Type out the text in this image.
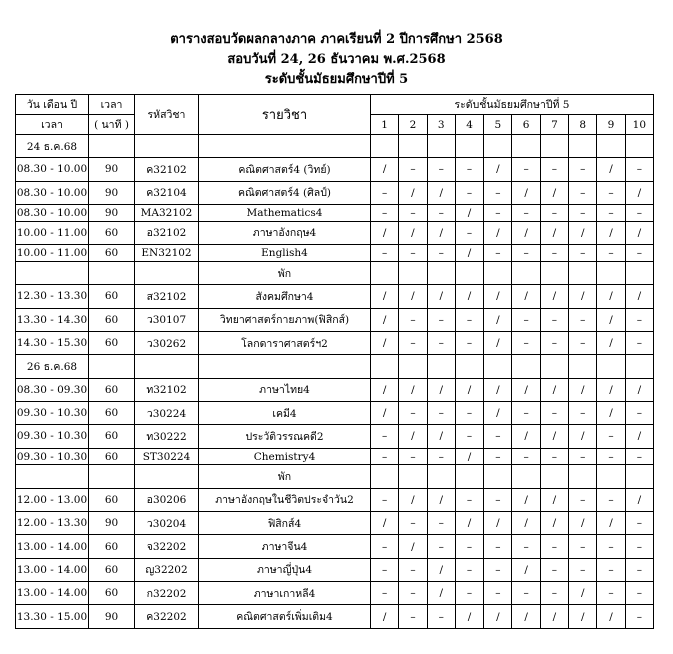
ตารางสอบวัดผลกลางภาค ภาคเรียนที่ 2 ปีการศึกษา 2568
สอบวันที่ 24, 26 ธันวาคม พ.ศ.2568
ระดับชั้นมัธยมศึกษาปีที่ 5
วัน เดือน ปี	เวลา	รหัสวิชา	รายวิชา	ระดับชั้นมัธยมศึกษาปีที่ 5									
เวลา	( นาที )			1	2	3	4	5	6	7	8	9	10
24 ธ.ค.68													
08.30 - 10.00	90	ค32102	คณิตศาสตร์4 (วิทย์)	/	–	–	–	/	–	–	–	/	–
08.30 - 10.00	90	ค32104	คณิตศาสตร์4 (ศิลป์)	–	/	/	–	–	/	/	–	–	/
08.30 - 10.00	90	MA32102	Mathematics4	–	–	–	/	–	–	–	–	–	–
10.00 - 11.00	60	อ32102	ภาษาอังกฤษ4	/	/	/	–	/	/	/	/	/	/
10.00 - 11.00	60	EN32102	English4	–	–	–	/	–	–	–	–	–	–
			พัก										
12.30 - 13.30	60	ส32102	สังคมศึกษา4	/	/	/	/	/	/	/	/	/	/
13.30 - 14.30	60	ว30107	วิทยาศาสตร์กายภาพ(ฟิสิกส์)	/	–	–	–	/	–	–	–	/	–
14.30 - 15.30	60	ว30262	โลกดาราศาสตร์ฯ2	/	–	–	–	/	–	–	–	/	–
26 ธ.ค.68													
08.30 - 09.30	60	ท32102	ภาษาไทย4	/	/	/	/	/	/	/	/	/	/
09.30 - 10.30	60	ว30224	เคมี4	/	–	–	–	/	–	–	–	/	–
09.30 - 10.30	60	ท30222	ประวัติวรรณคดี2	–	/	/	–	–	/	/	/	–	/
09.30 - 10.30	60	ST30224	Chemistry4	–	–	–	/	–	–	–	–	–	–
			พัก										
12.00 - 13.00	60	อ30206	ภาษาอังกฤษในชีวิตประจำวัน2	–	/	/	–	–	/	/	–	–	/
12.00 - 13.30	90	ว30204	ฟิสิกส์4	/	–	–	/	/	/	/	/	/	–
13.00 - 14.00	60	จ32202	ภาษาจีน4	–	/	–	–	–	–	–	–	–	–
13.00 - 14.00	60	ญ32202	ภาษาญี่ปุ่น4	–	–	/	–	–	/	–	–	–	–
13.00 - 14.00	60	ก32202	ภาษาเกาหลี4	–	–	/	–	–	–	–	/	–	–
13.30 - 15.00	90	ค32202	คณิตศาสตร์เพิ่มเติม4	/	–	–	/	/	/	/	/	/	–
